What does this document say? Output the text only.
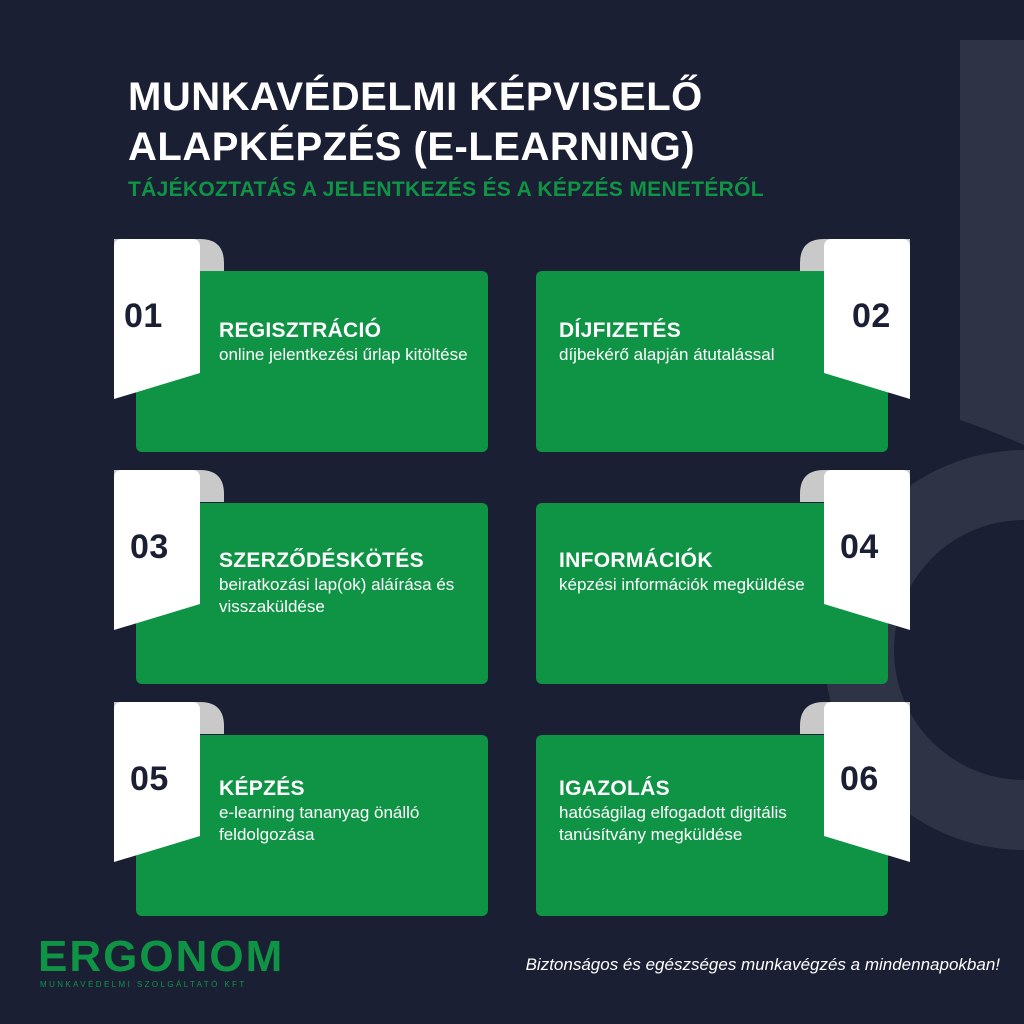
MUNKAVÉDELMI KÉPVISELŐ
ALAPKÉPZÉS (E-LEARNING)

TÁJÉKOZTATÁS A JELENTKEZÉS ÉS A KÉPZÉS MENETÉRŐL

REGISZTRÁCIÓ
online jelentkezési űrlap kitöltése
01	DÍJFIZETÉS
díjbekérő alapján átutalással
02
SZERZŐDÉSKÖTÉS
beiratkozási lap(ok) aláírása és visszaküldése
03	INFORMÁCIÓK
képzési információk megküldése
04
KÉPZÉS
e-learning tananyag önálló feldolgozása
05	IGAZOLÁS
hatóságilag elfogadott digitális tanúsítvány megküldése
06

ERGONOM

MUNKAVÉDELMI SZOLGÁLTATÓ KFT

Biztonságos és egészséges munkavégzés a mindennapokban!
